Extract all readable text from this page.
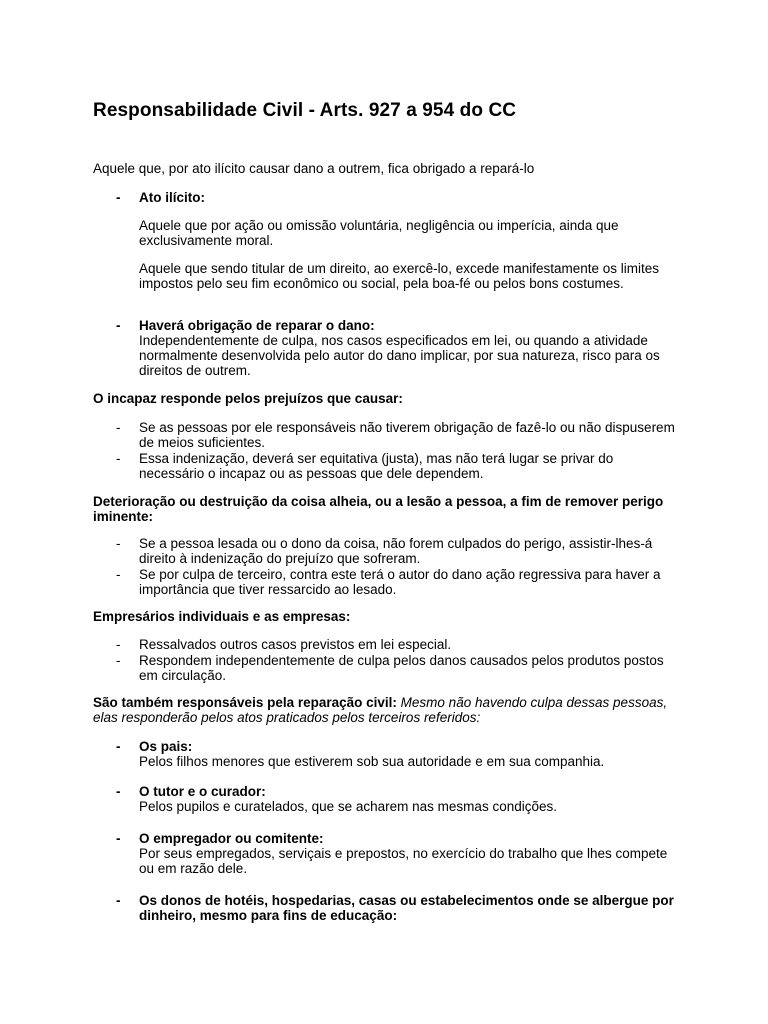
Responsabilidade Civil - Arts. 927 a 954 do CC

Aquele que, por ato ilícito causar dano a outrem, fica obrigado a repará-lo

- Ato ilícito:

Aquele que por ação ou omissão voluntária, negligência ou imperícia, ainda que exclusivamente moral.

Aquele que sendo titular de um direito, ao exercê-lo, excede manifestamente os limites impostos pelo seu fim econômico ou social, pela boa-fé ou pelos bons costumes.

- Haverá obrigação de reparar o dano:

Independentemente de culpa, nos casos especificados em lei, ou quando a atividade normalmente desenvolvida pelo autor do dano implicar, por sua natureza, risco para os direitos de outrem.

O incapaz responde pelos prejuízos que causar:

- Se as pessoas por ele responsáveis não tiverem obrigação de fazê-lo ou não dispuserem de meios suficientes.

- Essa indenização, deverá ser equitativa (justa), mas não terá lugar se privar do necessário o incapaz ou as pessoas que dele dependem.

Deterioração ou destruição da coisa alheia, ou a lesão a pessoa, a fim de remover perigo iminente:

- Se a pessoa lesada ou o dono da coisa, não forem culpados do perigo, assistir-lhes-á direito à indenização do prejuízo que sofreram.

- Se por culpa de terceiro, contra este terá o autor do dano ação regressiva para haver a importância que tiver ressarcido ao lesado.

Empresários individuais e as empresas:

- Ressalvados outros casos previstos em lei especial.

- Respondem independentemente de culpa pelos danos causados pelos produtos postos em circulação.

São também responsáveis pela reparação civil: Mesmo não havendo culpa dessas pessoas, elas responderão pelos atos praticados pelos terceiros referidos:

- Os pais:

Pelos filhos menores que estiverem sob sua autoridade e em sua companhia.

- O tutor e o curador:

Pelos pupilos e curatelados, que se acharem nas mesmas condições.

- O empregador ou comitente:

Por seus empregados, serviçais e prepostos, no exercício do trabalho que lhes compete ou em razão dele.

- Os donos de hotéis, hospedarias, casas ou estabelecimentos onde se albergue por dinheiro, mesmo para fins de educação:
